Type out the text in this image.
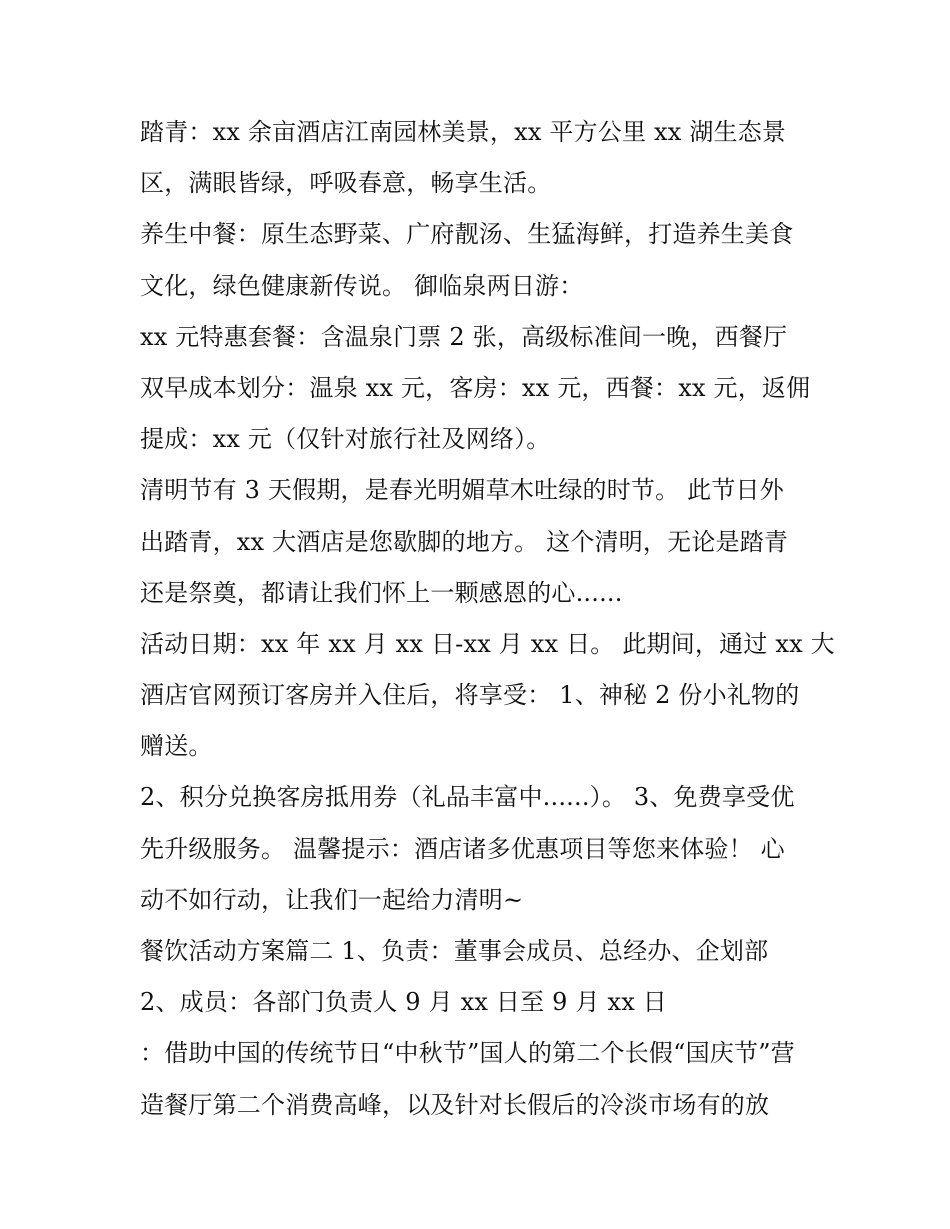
踏青：xx 余亩酒店江南园林美景，xx 平方公里 xx 湖生态景
区，满眼皆绿，呼吸春意，畅享生活。
养生中餐：原生态野菜、广府靓汤、生猛海鲜，打造养生美食
文化，绿色健康新传说。 御临泉两日游：
xx 元特惠套餐：含温泉门票 2 张，高级标准间一晚，西餐厅
双早成本划分：温泉 xx 元，客房：xx 元，西餐：xx 元，返佣
提成：xx 元（仅针对旅行社及网络）。
清明节有 3 天假期，是春光明媚草木吐绿的时节。 此节日外
出踏青，xx 大酒店是您歇脚的地方。 这个清明，无论是踏青
还是祭奠，都请让我们怀上一颗感恩的心......
活动日期：xx 年 xx 月 xx 日-xx 月 xx 日。 此期间，通过 xx 大
酒店官网预订客房并入住后，将享受： 1、神秘 2 份小礼物的
赠送。
2、积分兑换客房抵用券（礼品丰富中......）。 3、免费享受优
先升级服务。 温馨提示：酒店诸多优惠项目等您来体验！ 心
动不如行动，让我们一起给力清明~
餐饮活动方案篇二 1、负责：董事会成员、总经办、企划部
2、成员：各部门负责人 9 月 xx 日至 9 月 xx 日
：借助中国的传统节日“中秋节”国人的第二个长假“国庆节”营
造餐厅第二个消费高峰，以及针对长假后的冷淡市场有的放
